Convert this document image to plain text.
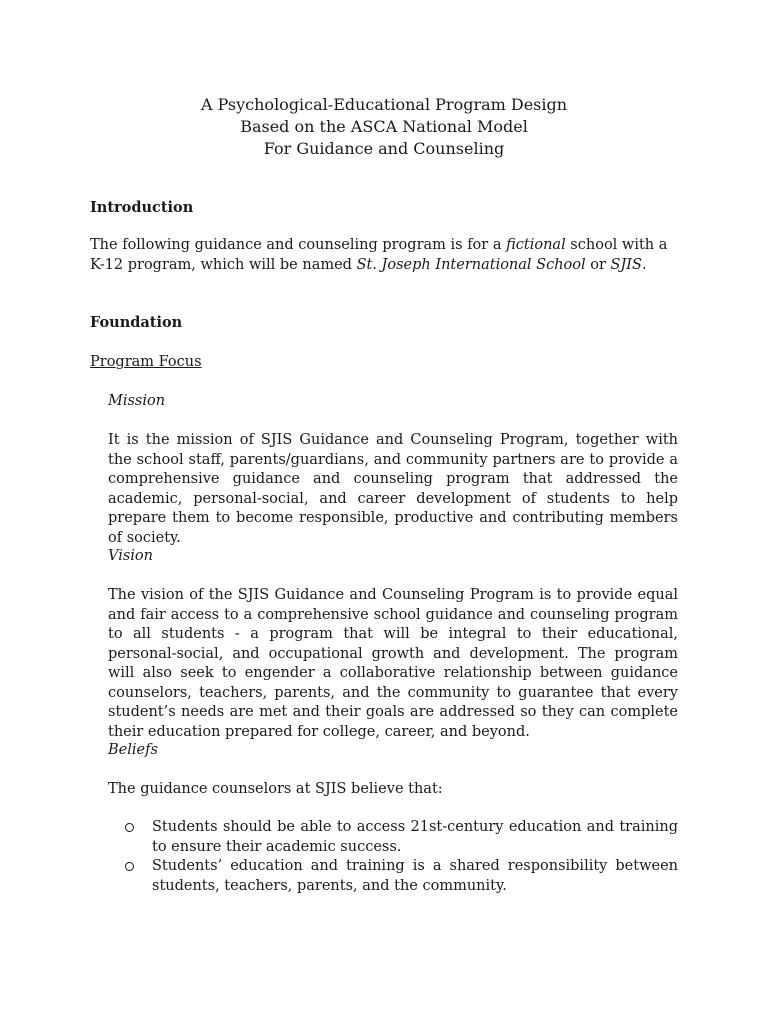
A Psychological-Educational Program Design
Based on the ASCA National Model
For Guidance and Counseling
Introduction
The following guidance and counseling program is for a fictional school with a K-12 program, which will be named St. Joseph International School or SJIS.
Foundation
Program Focus
Mission
It is the mission of SJIS Guidance and Counseling Program, together with the school staff, parents/guardians, and community partners are to provide a comprehensive guidance and counseling program that addressed the academic, personal-social, and career development of students to help prepare them to become responsible, productive and contributing members of society.
Vision
The vision of the SJIS Guidance and Counseling Program is to provide equal and fair access to a comprehensive school guidance and counseling program to all students - a program that will be integral to their educational, personal-social, and occupational growth and development. The program will also seek to engender a collaborative relationship between guidance counselors, teachers, parents, and the community to guarantee that every student’s needs are met and their goals are addressed so they can complete their education prepared for college, career, and beyond.
Beliefs
The guidance counselors at SJIS believe that:
Students should be able to access 21st-century education and training to ensure their academic success.
Students’ education and training is a shared responsibility between students, teachers, parents, and the community.
